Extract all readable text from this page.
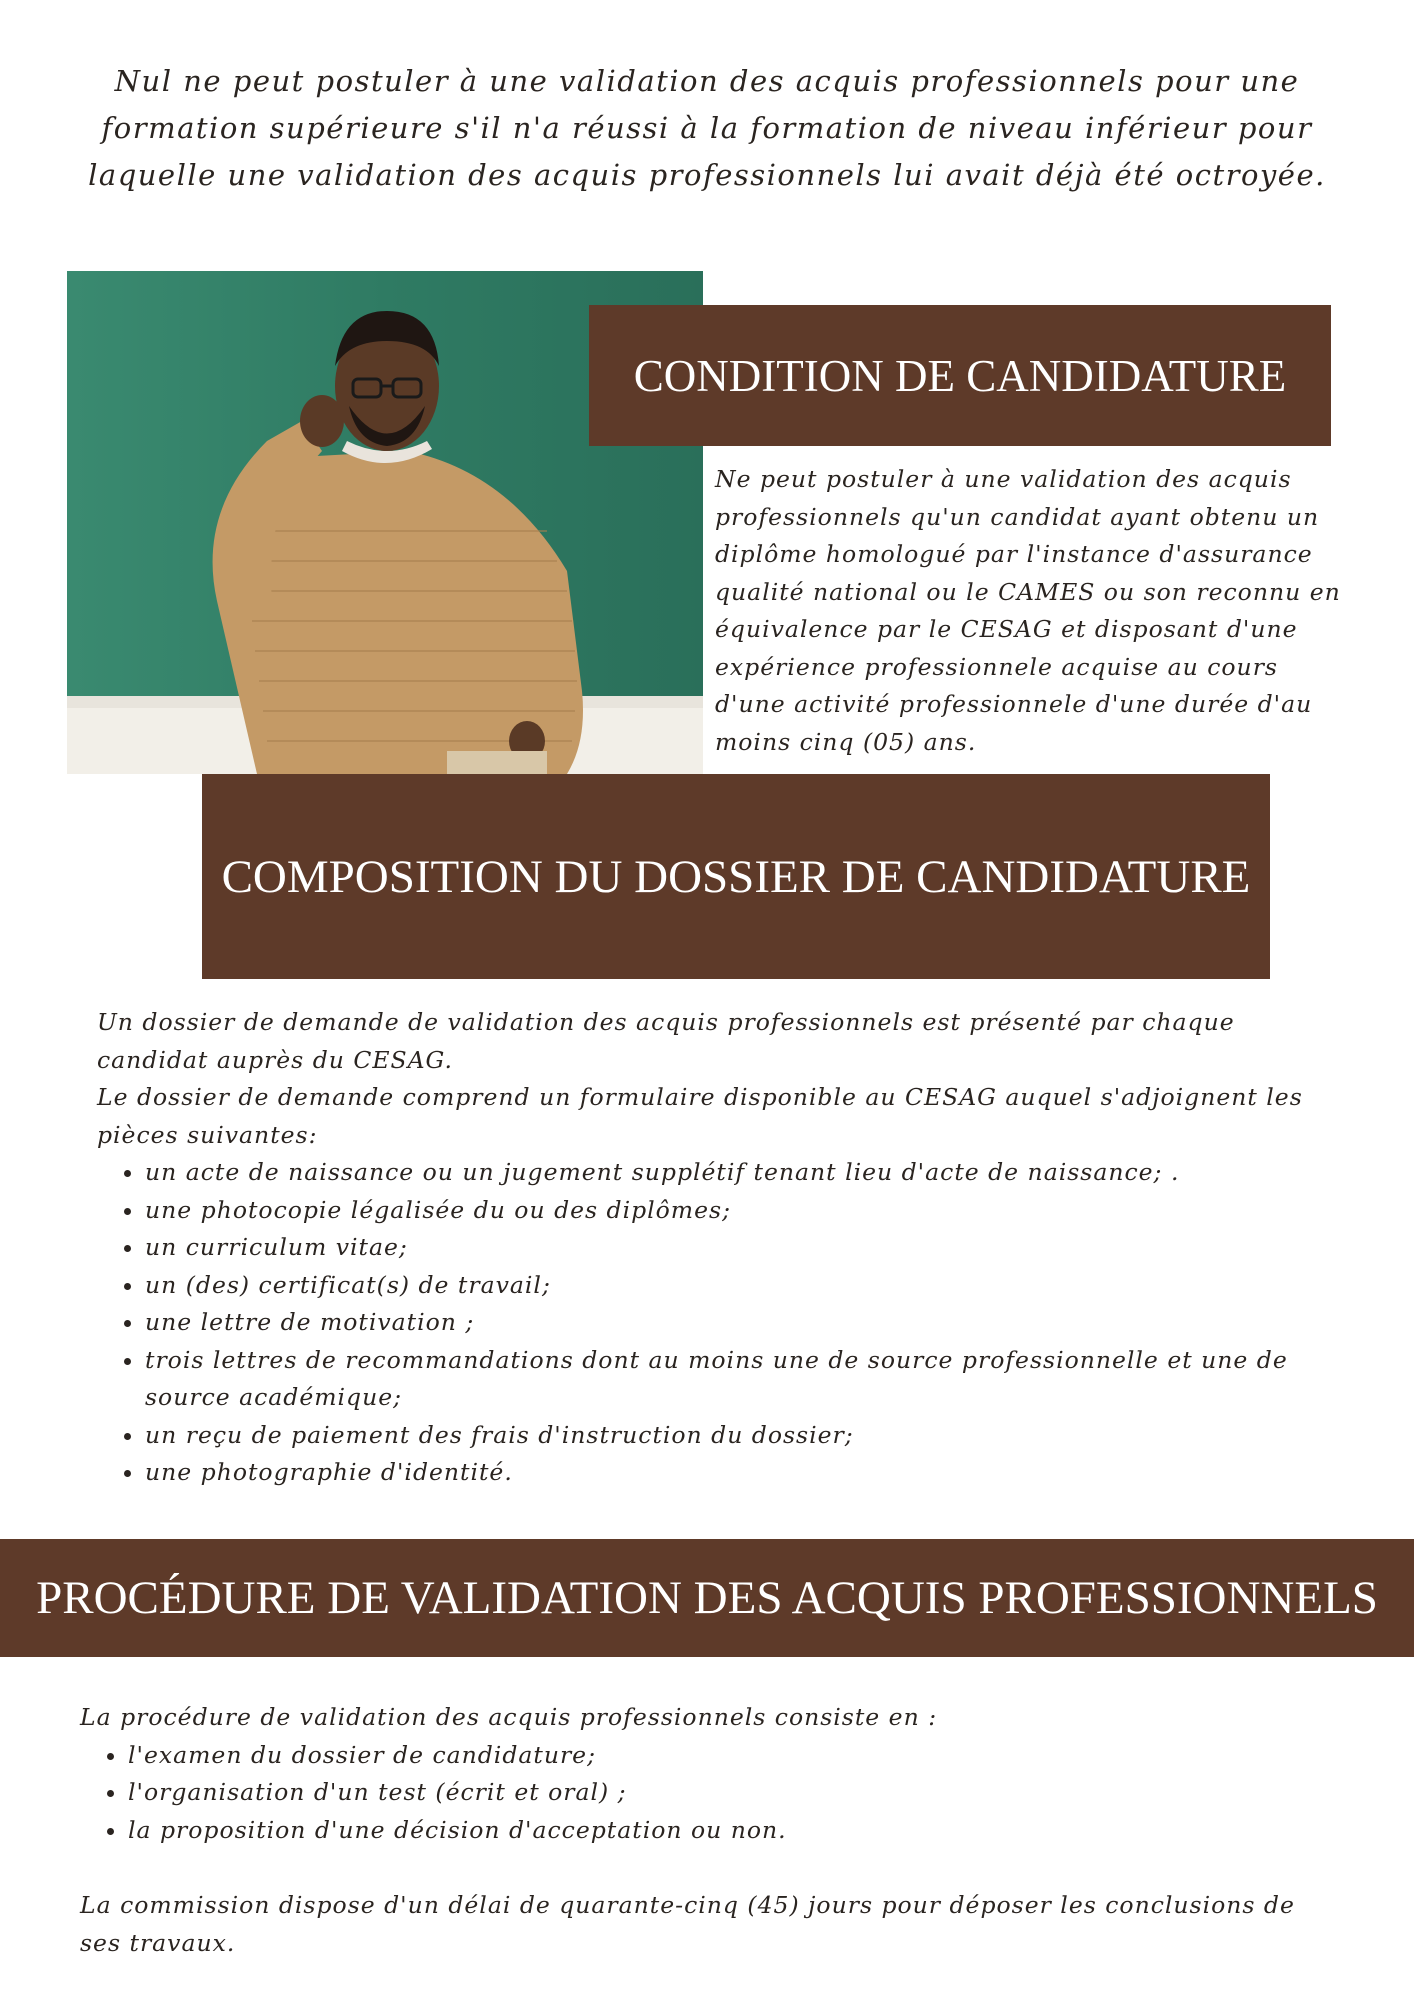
Nul ne peut postuler à une validation des acquis professionnels pour une formation supérieure s'il n'a réussi à la formation de niveau inférieur pour laquelle une validation des acquis professionnels lui avait déjà été octroyée.

CONDITION DE CANDIDATURE

Ne peut postuler à une validation des acquis professionnels qu'un candidat ayant obtenu un diplôme homologué par l'instance d'assurance qualité national ou le CAMES ou son reconnu en équivalence par le CESAG et disposant d'une expérience professionnele acquise au cours d'une activité professionnele d'une durée d'au moins cinq (05) ans.

COMPOSITION DU DOSSIER DE CANDIDATURE

Un dossier de demande de validation des acquis professionnels est présenté par chaque candidat auprès du CESAG.

Le dossier de demande comprend un formulaire disponible au CESAG auquel s'adjoignent les pièces suivantes:

• un acte de naissance ou un jugement supplétif tenant lieu d'acte de naissance; .
• une photocopie légalisée du ou des diplômes;
• un curriculum vitae;
• un (des) certificat(s) de travail;
• une lettre de motivation ;
• trois lettres de recommandations dont au moins une de source professionnelle et une de source académique;
• un reçu de paiement des frais d'instruction du dossier;
• une photographie d'identité.
PROCÉDURE DE VALIDATION DES ACQUIS PROFESSIONNELS

La procédure de validation des acquis professionnels consiste en :

• l'examen du dossier de candidature;
• l'organisation d'un test (écrit et oral) ;
• la proposition d'une décision d'acceptation ou non.

La commission dispose d'un délai de quarante-cinq (45) jours pour déposer les conclusions de ses travaux.
